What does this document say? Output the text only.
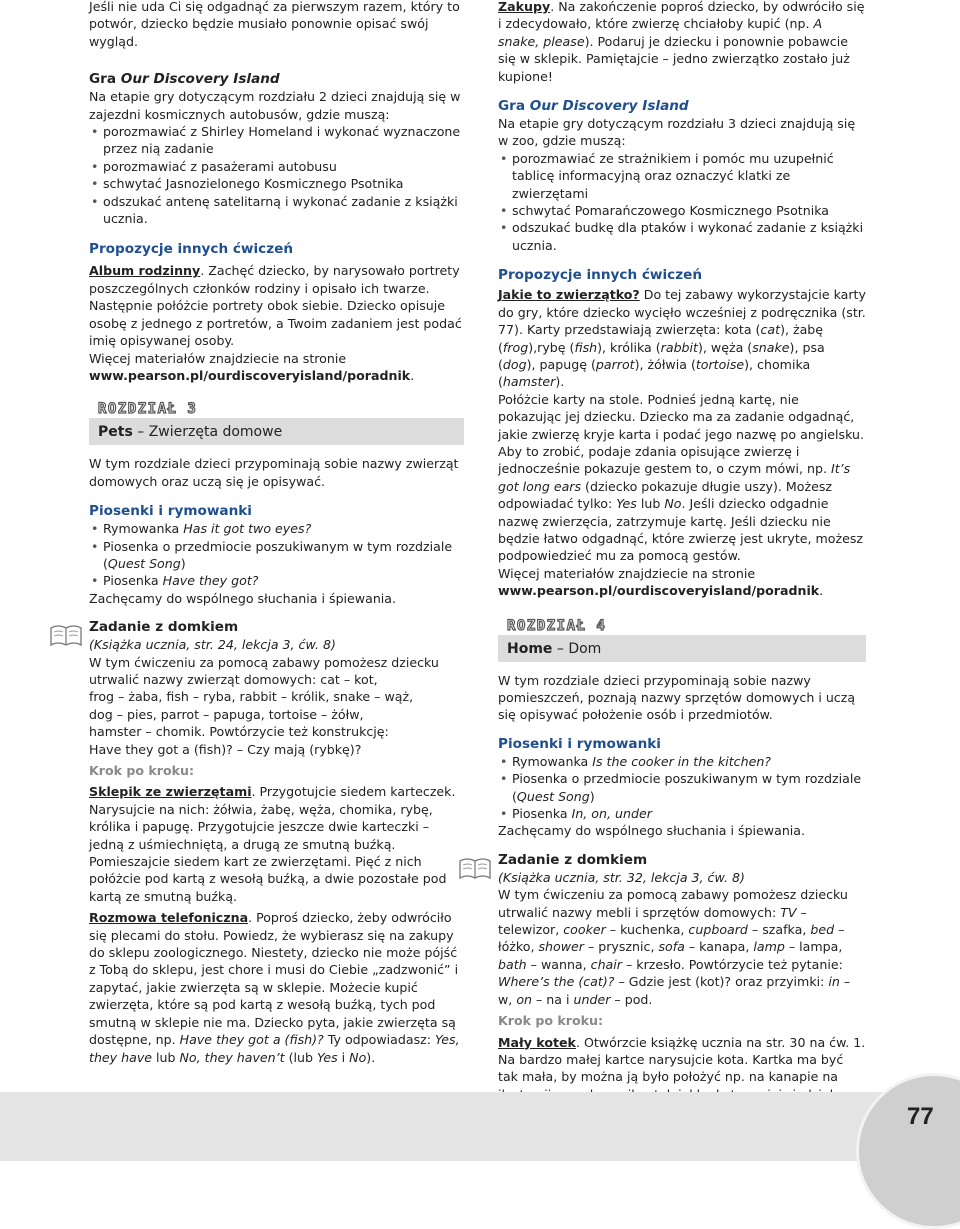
Jeśli nie uda Ci się odgadnąć za pierwszym razem, który to potwór, dziecko będzie musiało ponownie opisać swój wygląd.

Gra Our Discovery Island

Na etapie gry dotyczącym rozdziału 2 dzieci znajdują się w zajezdni kosmicznych autobusów, gdzie muszą:

• porozmawiać z Shirley Homeland i wykonać wyznaczone przez nią zadanie
• porozmawiać z pasażerami autobusu
• schwytać Jasnozielonego Kosmicznego Psotnika
• odszukać antenę satelitarną i wykonać zadanie z książki ucznia.

Propozycje innych ćwiczeń

Album rodzinny. Zachęć dziecko, by narysowało portrety poszczególnych członków rodziny i opisało ich twarze. Następnie połóżcie portrety obok siebie. Dziecko opisuje osobę z jednego z portretów, a Twoim zadaniem jest podać imię opisywanej osoby.

Więcej materiałów znajdziecie na stronie

www.pearson.pl/ourdiscoveryisland/poradnik.

ROZDZIAŁ 3
Pets – Zwierzęta domowe

W tym rozdziale dzieci przypominają sobie nazwy zwierząt domowych oraz uczą się je opisywać.

Piosenki i rymowanki

• Rymowanka Has it got two eyes?
• Piosenka o przedmiocie poszukiwanym w tym rozdziale (Quest Song)
• Piosenka Have they got?

Zachęcamy do wspólnego słuchania i śpiewania.

Zadanie z domkiem

(Książka ucznia, str. 24, lekcja 3, ćw. 8)

W tym ćwiczeniu za pomocą zabawy pomożesz dziecku

utrwalić nazwy zwierząt domowych: cat – kot,

frog – żaba, fish – ryba, rabbit – królik, snake – wąż,

dog – pies, parrot – papuga, tortoise – żółw,

hamster – chomik. Powtórzycie też konstrukcję:

Have they got a (fish)? – Czy mają (rybkę)?

Krok po kroku:

Sklepik ze zwierzętami. Przygotujcie siedem karteczek. Narysujcie na nich: żółwia, żabę, węża, chomika, rybę, królika i papugę. Przygotujcie jeszcze dwie karteczki – jedną z uśmiechniętą, a drugą ze smutną buźką. Pomieszajcie siedem kart ze zwierzętami. Pięć z nich połóżcie pod kartą z wesołą buźką, a dwie pozostałe pod kartą ze smutną buźką.

Rozmowa telefoniczna. Poproś dziecko, żeby odwróciło się plecami do stołu. Powiedz, że wybierasz się na zakupy do sklepu zoologicznego. Niestety, dziecko nie może pójść z Tobą do sklepu, jest chore i musi do Ciebie „zadzwonić” i zapytać, jakie zwierzęta są w sklepie. Możecie kupić zwierzęta, które są pod kartą z wesołą buźką, tych pod smutną w sklepie nie ma. Dziecko pyta, jakie zwierzęta są dostępne, np. Have they got a (fish)? Ty odpowiadasz: Yes, they have lub No, they haven’t (lub Yes i No).

Zakupy. Na zakończenie poproś dziecko, by odwróciło się i zdecydowało, które zwierzę chciałoby kupić (np. A snake, please). Podaruj je dziecku i ponownie pobawcie się w sklepik. Pamiętajcie – jedno zwierzątko zostało już kupione!

Gra Our Discovery Island

Na etapie gry dotyczącym rozdziału 3 dzieci znajdują się w zoo, gdzie muszą:

• porozmawiać ze strażnikiem i pomóc mu uzupełnić tablicę informacyjną oraz oznaczyć klatki ze zwierzętami
• schwytać Pomarańczowego Kosmicznego Psotnika
• odszukać budkę dla ptaków i wykonać zadanie z książki ucznia.

Propozycje innych ćwiczeń

Jakie to zwierzątko? Do tej zabawy wykorzystajcie karty do gry, które dziecko wycięło wcześniej z podręcznika (str. 77). Karty przedstawiają zwierzęta: kota (cat), żabę (frog),rybę (fish), królika (rabbit), węża (snake), psa (dog), papugę (parrot), żółwia (tortoise), chomika (hamster).

Połóżcie karty na stole. Podnieś jedną kartę, nie pokazując jej dziecku. Dziecko ma za zadanie odgadnąć, jakie zwierzę kryje karta i podać jego nazwę po angielsku. Aby to zrobić, podaje zdania opisujące zwierzę i jednocześnie pokazuje gestem to, o czym mówi, np. It’s got long ears (dziecko pokazuje długie uszy). Możesz odpowiadać tylko: Yes lub No. Jeśli dziecko odgadnie nazwę zwierzęcia, zatrzymuje kartę. Jeśli dziecku nie będzie łatwo odgadnąć, które zwierzę jest ukryte, możesz podpowiedzieć mu za pomocą gestów.

Więcej materiałów znajdziecie na stronie

www.pearson.pl/ourdiscoveryisland/poradnik.

ROZDZIAŁ 4
Home – Dom

W tym rozdziale dzieci przypominają sobie nazwy pomieszczeń, poznają nazwy sprzętów domowych i uczą się opisywać położenie osób i przedmiotów.

Piosenki i rymowanki

• Rymowanka Is the cooker in the kitchen?
• Piosenka o przedmiocie poszukiwanym w tym rozdziale (Quest Song)
• Piosenka In, on, under

Zachęcamy do wspólnego słuchania i śpiewania.

Zadanie z domkiem

(Książka ucznia, str. 32, lekcja 3, ćw. 8)

W tym ćwiczeniu za pomocą zabawy pomożesz dziecku utrwalić nazwy mebli i sprzętów domowych: TV – telewizor, cooker – kuchenka, cupboard – szafka, bed – łóżko, shower – prysznic, sofa – kanapa, lamp – lampa, bath – wanna, chair – krzesło. Powtórzycie też pytanie: Where’s the (cat)? – Gdzie jest (kot)? oraz przyimki: in – w, on – na i under – pod.

Krok po kroku:

Mały kotek. Otwórzcie książkę ucznia na str. 30 na ćw. 1. Na bardzo małej kartce narysujcie kota. Kartka ma być tak mała, by można ją było położyć np. na kanapie na

77
